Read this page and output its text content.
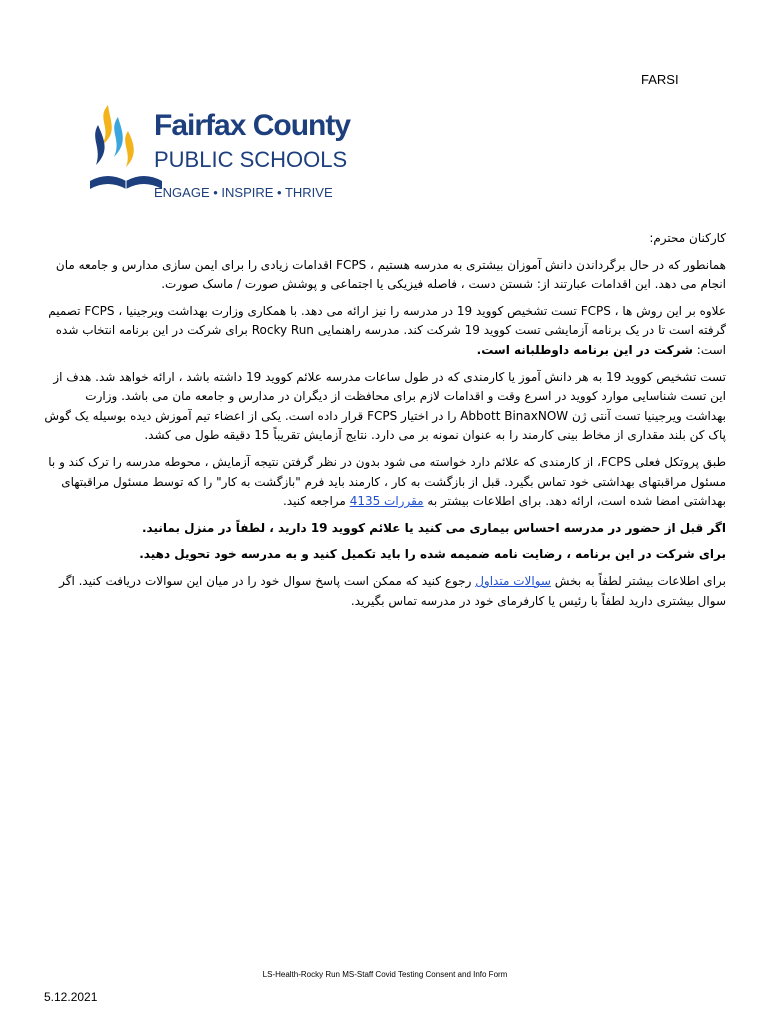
FARSI
Fairfax County
PUBLIC SCHOOLS
ENGAGE • INSPIRE • THRIVE

کارکنان محترم:

همانطور که در حال برگرداندن دانش آموزان بیشتری به مدرسه هستیم ، FCPS اقدامات زیادی را برای ایمن سازی مدارس و جامعه مان انجام می دهد. این اقدامات عبارتند از: شستن دست ، فاصله فیزیکی یا اجتماعی و پوشش صورت / ماسک صورت.

علاوه بر این روش ها ، FCPS تست تشخیص کووید 19 در مدرسه را نیز ارائه می دهد. با همکاری وزارت بهداشت ویرجینیا ، FCPS تصمیم گرفته است تا در یک برنامه آزمایشی تست کووید 19 شرکت کند. مدرسه راهنمایی Rocky Run برای شرکت در این برنامه انتخاب شده است: شرکت در این برنامه داوطلبانه است.

تست تشخیص کووید 19 به هر دانش آموز یا کارمندی که در طول ساعات مدرسه علائم کووید 19 داشته باشد ، ارائه خواهد شد. هدف از این تست شناسایی موارد کووید در اسرع وقت و اقدامات لازم برای محافظت از دیگران در مدارس و جامعه مان می باشد. وزارت بهداشت ویرجینیا تست آنتی ژن Abbott BinaxNOW را در اختیار FCPS قرار داده است. یکی از اعضاء تیم آموزش دیده بوسیله یک گوش پاک کن بلند مقداری از مخاط بینی کارمند را به عنوان نمونه بر می دارد. نتایج آزمایش تقریباً 15 دقیقه طول می کشد.

طبق پروتکل فعلی FCPS، از کارمندی که علائم دارد خواسته می شود بدون در نظر گرفتن نتیجه آزمایش ، محوطه مدرسه را ترک کند و با مسئول مراقبتهای بهداشتی خود تماس بگیرد. قبل از بازگشت به کار ، کارمند باید فرم "بازگشت به کار" را که توسط مسئول مراقبتهای بهداشتی امضا شده است، ارائه دهد. برای اطلاعات بیشتر به مقررات 4135 مراجعه کنید.

اگر قبل از حضور در مدرسه احساس بیماری می کنید یا علائم کووید 19 دارید ، لطفاً در منزل بمانید.

برای شرکت در این برنامه ، رضایت نامه ضمیمه شده را باید تکمیل کنید و به مدرسه خود تحویل دهید.

برای اطلاعات بیشتر لطفاً به بخش سوالات متداول رجوع کنید که ممکن است پاسخ سوال خود را در میان این سوالات دریافت کنید. اگر سوال بیشتری دارید لطفاً با رئیس یا کارفرمای خود در مدرسه تماس بگیرید.

LS-Health-Rocky Run MS-Staff Covid Testing Consent and Info Form
5.12.2021
